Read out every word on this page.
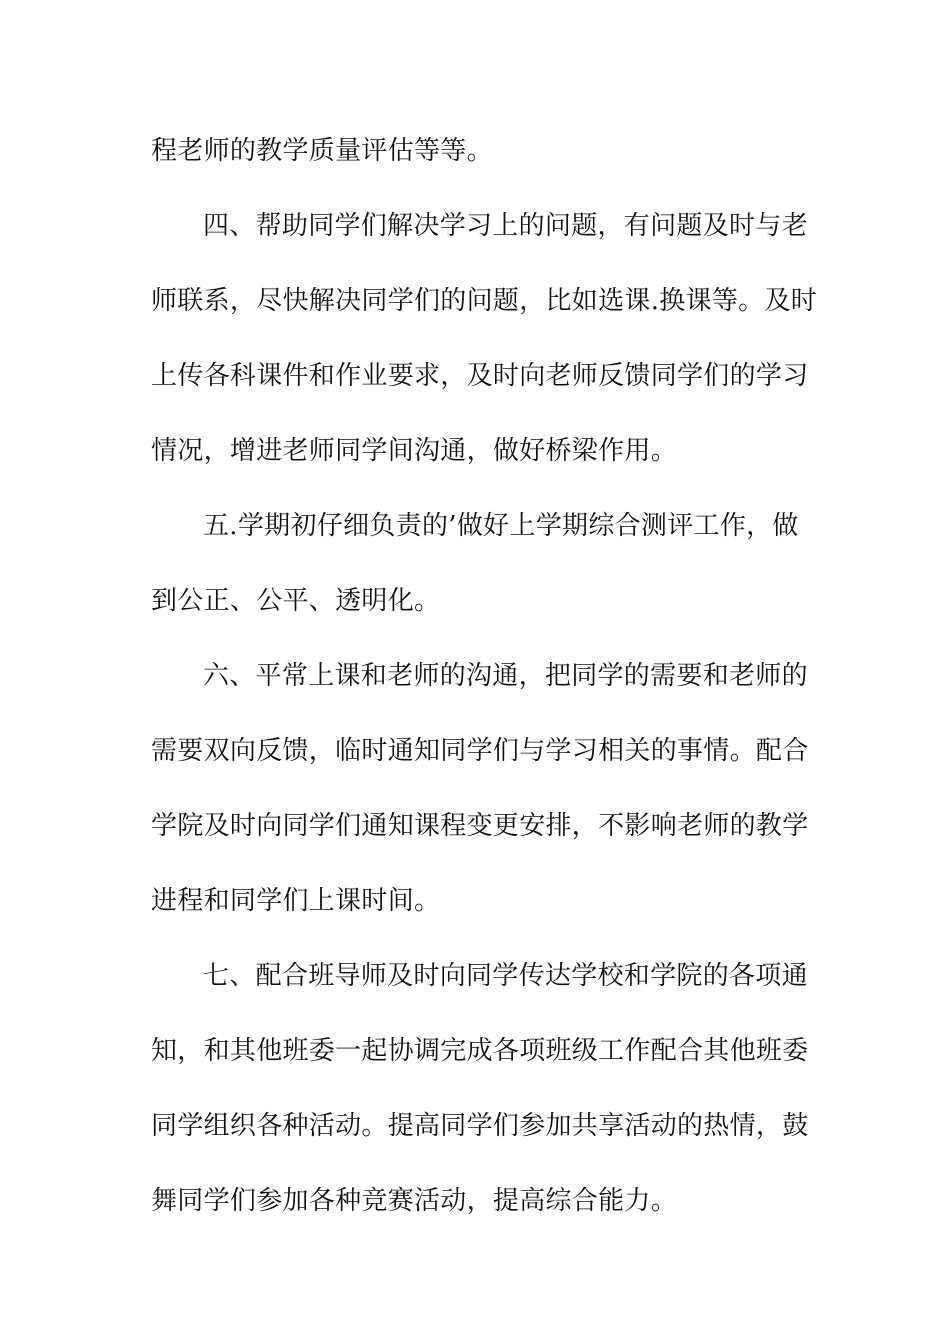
程老师的教学质量评估等等。
四、帮助同学们解决学习上的问题，有问题及时与老
师联系，尽快解决同学们的问题，比如选课.换课等。及时
上传各科课件和作业要求，及时向老师反馈同学们的学习
情况，增进老师同学间沟通，做好桥梁作用。
五.学期初仔细负责的’做好上学期综合测评工作，做
到公正、公平、透明化。
六、平常上课和老师的沟通，把同学的需要和老师的
需要双向反馈，临时通知同学们与学习相关的事情。配合
学院及时向同学们通知课程变更安排，不影响老师的教学
进程和同学们上课时间。
七、配合班导师及时向同学传达学校和学院的各项通
知，和其他班委一起协调完成各项班级工作配合其他班委
同学组织各种活动。提高同学们参加共享活动的热情，鼓
舞同学们参加各种竞赛活动，提高综合能力。
